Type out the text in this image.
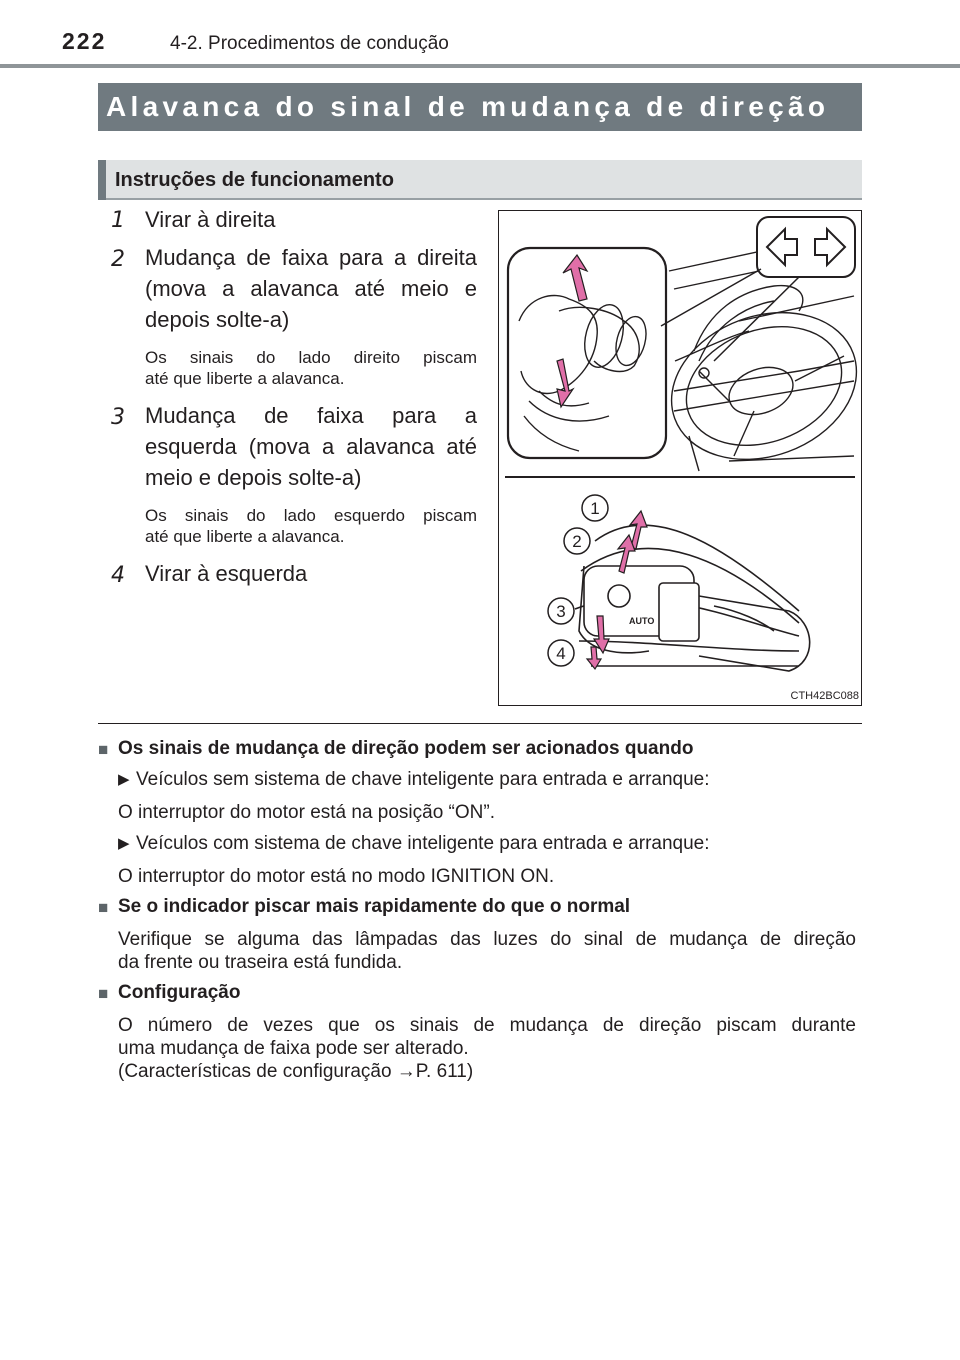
222	4-2. Procedimentos de condução
Alavanca do sinal de mudança de direção
Instruções de funcionamento
1 Virar à direita
2 Mudança de faixa para a direita
(mova a alavanca até meio e
depois solte-a)
Os sinais do lado direito piscam
até que liberte a alavanca.
3 Mudança de faixa para a
esquerda (mova a alavanca até
meio e depois solte-a)
Os sinais do lado esquerdo piscam
até que liberte a alavanca.
4 Virar à esquerda
AUTO
1
2
3
4
CTH42BC088
■ Os sinais de mudança de direção podem ser acionados quando
▶ Veículos sem sistema de chave inteligente para entrada e arranque:
O interruptor do motor está na posição “ON”.
▶ Veículos com sistema de chave inteligente para entrada e arranque:
O interruptor do motor está no modo IGNITION ON.
■ Se o indicador piscar mais rapidamente do que o normal
Verifique se alguma das lâmpadas das luzes do sinal de mudança de direção
da frente ou traseira está fundida.
■ Configuração
O número de vezes que os sinais de mudança de direção piscam durante
uma mudança de faixa pode ser alterado.
(Características de configuração →P. 611)
